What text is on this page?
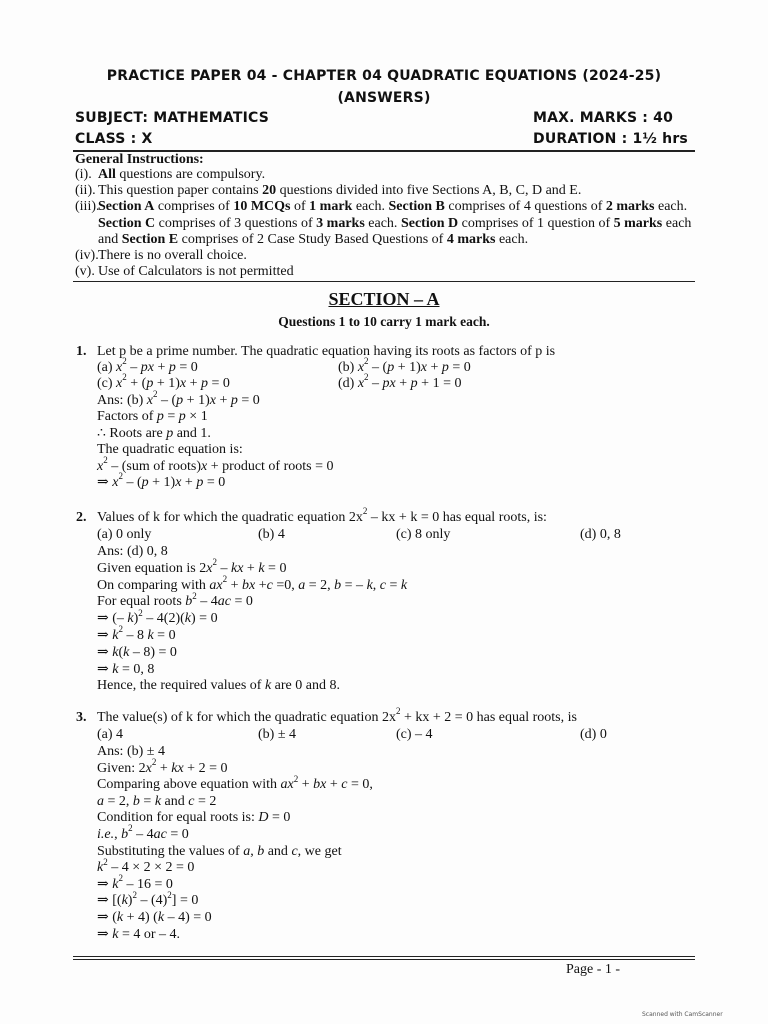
PRACTICE PAPER 04 - CHAPTER 04 QUADRATIC EQUATIONS (2024-25)
(ANSWERS)
SUBJECT: MATHEMATICS	MAX. MARKS : 40
CLASS : X	DURATION : 1½ hrs
General Instructions:
(i). All questions are compulsory.
(ii). This question paper contains 20 questions divided into five Sections A, B, C, D and E.
(iii).
Section A comprises of 10 MCQs of 1 mark each. Section B comprises of 4 questions of 2 marks each. Section C comprises of 3 questions of 3 marks each. Section D comprises of 1 question of 5 marks each and Section E comprises of 2 Case Study Based Questions of 4 marks each.
(iv). There is no overall choice.
(v). Use of Calculators is not permitted
SECTION – A
Questions 1 to 10 carry 1 mark each.
1. Let p be a prime number. The quadratic equation having its roots as factors of p is
(a) $x^2$ – px + p = 0	(b) $x^2 - (p + 1)x + p = 0$
(c) $x^2 + (p + 1)x + p = 0$	(d) $x^2$ – px + p + 1 = 0
Ans: (b) $x^2 - (p + 1)x + p = 0$
Factors of p = p × 1
∴ Roots are p and 1.
The quadratic equation is:
$x^2 - (sum$ of roots)x + product of roots = 0
⇒ $x^2 - (p + 1)x + p = 0$
2. Values of k for which the quadratic equation $2x^2$ – kx + k = 0 has equal roots, is:
(a) 0 only	(b) 4	(c) 8 only	(d) 0, 8
Ans: (d) 0, 8
Given equation is $2x^2$ – kx + k = 0
On comparing with $ax^2$ + bx +c =0, a = 2, b = – k, c = k
For equal roots $b^2 - 4ac = 0$
⇒ (– k)$^2$ – 4(2)(k) = 0
⇒ $k^2 - 8$ k = 0
⇒ k(k – 8) = 0
⇒ k = 0, 8
Hence, the required values of k are 0 and 8.
3. The value(s) of k for which the quadratic equation $2x^2$ + kx + 2 = 0 has equal roots, is
(a) 4	(b) ± 4	(c) – 4	(d) 0
Ans: (b) ± 4
Given: $2x^2$ + kx + 2 = 0
Comparing above equation with $ax^2$ + bx + c = 0,
a = 2, b = k and c = 2
Condition for equal roots is: D = 0
i.e., $b^2 - 4ac = 0$
Substituting the values of a, b and c, we get
$k^2 - 4 \times 2 \times 2 = 0$
⇒ $k^2 - 16 = 0$
⇒ $[(k)^2 - (4)^2] = 0$
⇒ (k + 4) (k – 4) = 0
⇒ k = 4 or – 4.
Page - 1 -
Scanned with CamScanner
